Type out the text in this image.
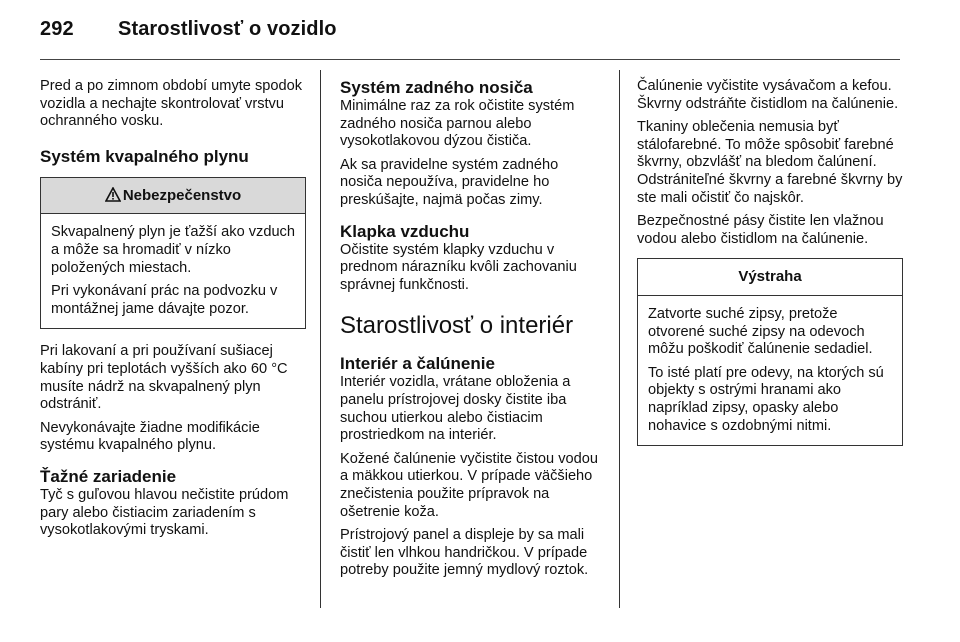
292 Starostlivosť o vozidlo

Pred a po zimnom období umyte spodok vozidla a nechajte skontrolovať vrstvu ochranného vosku.

Systém kvapalného plynu
Nebezpečenstvo

Skvapalnený plyn je ťažší ako vzduch a môže sa hromadiť v nízko položených miestach.

Pri vykonávaní prác na podvozku v montážnej jame dávajte pozor.

Pri lakovaní a pri používaní sušiacej kabíny pri teplotách vyšších ako 60 °C musíte nádrž na skvapalnený plyn odstrániť.

Nevykonávajte žiadne modifikácie systému kvapalného plynu.

Ťažné zariadenie

Tyč s guľovou hlavou nečistite prúdom pary alebo čistiacim zariadením s vysokotlakovými tryskami.

Systém zadného nosiča

Minimálne raz za rok očistite systém zadného nosiča parnou alebo vysokotlakovou dýzou čističa.

Ak sa pravidelne systém zadného nosiča nepoužíva, pravidelne ho preskúšajte, najmä počas zimy.

Klapka vzduchu

Očistite systém klapky vzduchu v prednom nárazníku kvôli zachovaniu správnej funkčnosti.

Starostlivosť o interiér
Interiér a čalúnenie

Interiér vozidla, vrátane obloženia a panelu prístrojovej dosky čistite iba suchou utierkou alebo čistiacim prostriedkom na interiér.

Kožené čalúnenie vyčistite čistou vodou a mäkkou utierkou. V prípade väčšieho znečistenia použite prípravok na ošetrenie koža.

Prístrojový panel a displeje by sa mali čistiť len vlhkou handričkou. V prípade potreby použite jemný mydlový roztok.

Čalúnenie vyčistite vysávačom a kefou. Škvrny odstráňte čistidlom na čalúnenie.

Tkaniny oblečenia nemusia byť stálofarebné. To môže spôsobiť farebné škvrny, obzvlášť na bledom čalúnení. Odstrániteľné škvrny a farebné škvrny by ste mali očistiť čo najskôr.

Bezpečnostné pásy čistite len vlažnou vodou alebo čistidlom na čalúnenie.

Výstraha

Zatvorte suché zipsy, pretože otvorené suché zipsy na odevoch môžu poškodiť čalúnenie sedadiel.

To isté platí pre odevy, na ktorých sú objekty s ostrými hranami ako napríklad zipsy, opasky alebo nohavice s ozdobnými nitmi.
